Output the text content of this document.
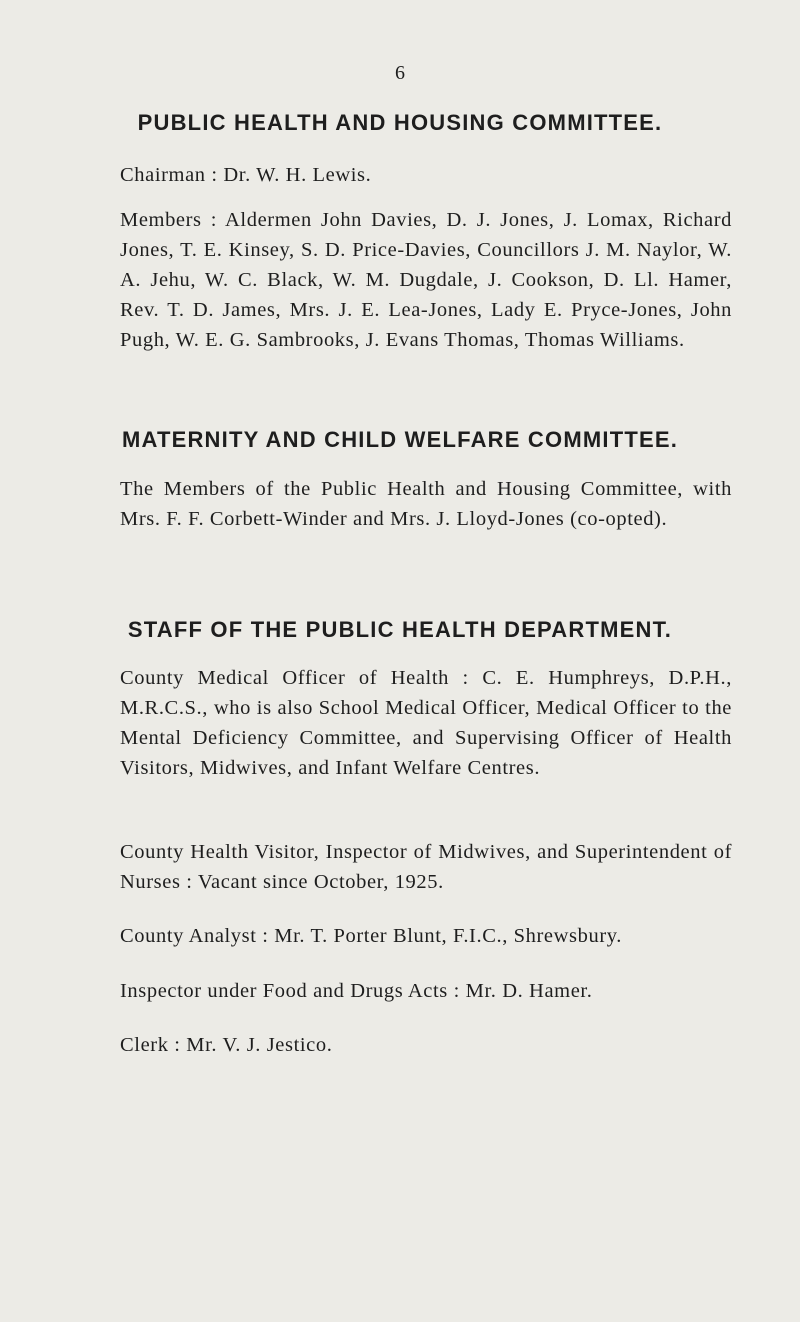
6
PUBLIC HEALTH AND HOUSING COMMITTEE.
Chairman : Dr. W. H. Lewis.
Members : Aldermen John Davies, D. J. Jones, J. Lomax, Richard Jones, T. E. Kinsey, S. D. Price-Davies, Councillors J. M. Naylor, W. A. Jehu, W. C. Black, W. M. Dugdale, J. Cookson, D. Ll. Hamer, Rev. T. D. James, Mrs. J. E. Lea-Jones, Lady E. Pryce-Jones, John Pugh, W. E. G. Sambrooks, J. Evans Thomas, Thomas Williams.
MATERNITY AND CHILD WELFARE COMMITTEE.
The Members of the Public Health and Housing Committee, with Mrs. F. F. Corbett-Winder and Mrs. J. Lloyd-Jones (co-opted).
STAFF OF THE PUBLIC HEALTH DEPARTMENT.
County Medical Officer of Health : C. E. Humphreys, D.P.H., M.R.C.S., who is also School Medical Officer, Medical Officer to the Mental Deficiency Committee, and Supervising Officer of Health Visitors, Midwives, and Infant Welfare Centres.
County Health Visitor, Inspector of Midwives, and Superintendent of Nurses : Vacant since October, 1925.
County Analyst : Mr. T. Porter Blunt, F.I.C., Shrewsbury.
Inspector under Food and Drugs Acts : Mr. D. Hamer.
Clerk : Mr. V. J. Jestico.
